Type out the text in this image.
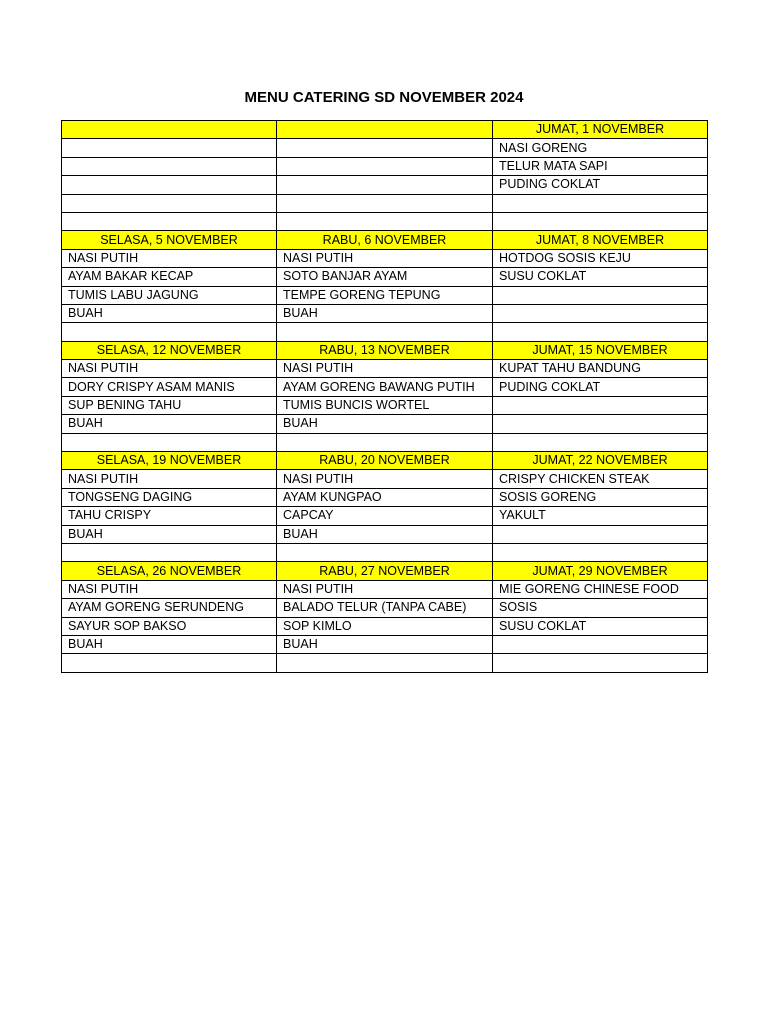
MENU CATERING SD NOVEMBER 2024
		JUMAT, 1 NOVEMBER
		NASI GORENG
		TELUR MATA SAPI
		PUDING COKLAT

SELASA, 5 NOVEMBER	RABU, 6 NOVEMBER	JUMAT, 8 NOVEMBER
NASI PUTIH	NASI PUTIH	HOTDOG SOSIS KEJU
AYAM BAKAR KECAP	SOTO BANJAR AYAM	SUSU COKLAT
TUMIS LABU JAGUNG	TEMPE GORENG TEPUNG	
BUAH	BUAH	

SELASA, 12 NOVEMBER	RABU, 13 NOVEMBER	JUMAT, 15 NOVEMBER
NASI PUTIH	NASI PUTIH	KUPAT TAHU BANDUNG
DORY CRISPY ASAM MANIS	AYAM GORENG BAWANG PUTIH	PUDING COKLAT
SUP BENING TAHU	TUMIS BUNCIS WORTEL	
BUAH	BUAH	

SELASA, 19 NOVEMBER	RABU, 20 NOVEMBER	JUMAT, 22 NOVEMBER
NASI PUTIH	NASI PUTIH	CRISPY CHICKEN STEAK
TONGSENG DAGING	AYAM KUNGPAO	SOSIS GORENG
TAHU CRISPY	CAPCAY	YAKULT
BUAH	BUAH	

SELASA, 26 NOVEMBER	RABU, 27 NOVEMBER	JUMAT, 29 NOVEMBER
NASI PUTIH	NASI PUTIH	MIE GORENG CHINESE FOOD
AYAM GORENG SERUNDENG	BALADO TELUR (TANPA CABE)	SOSIS
SAYUR SOP BAKSO	SOP KIMLO	SUSU COKLAT
BUAH	BUAH	
